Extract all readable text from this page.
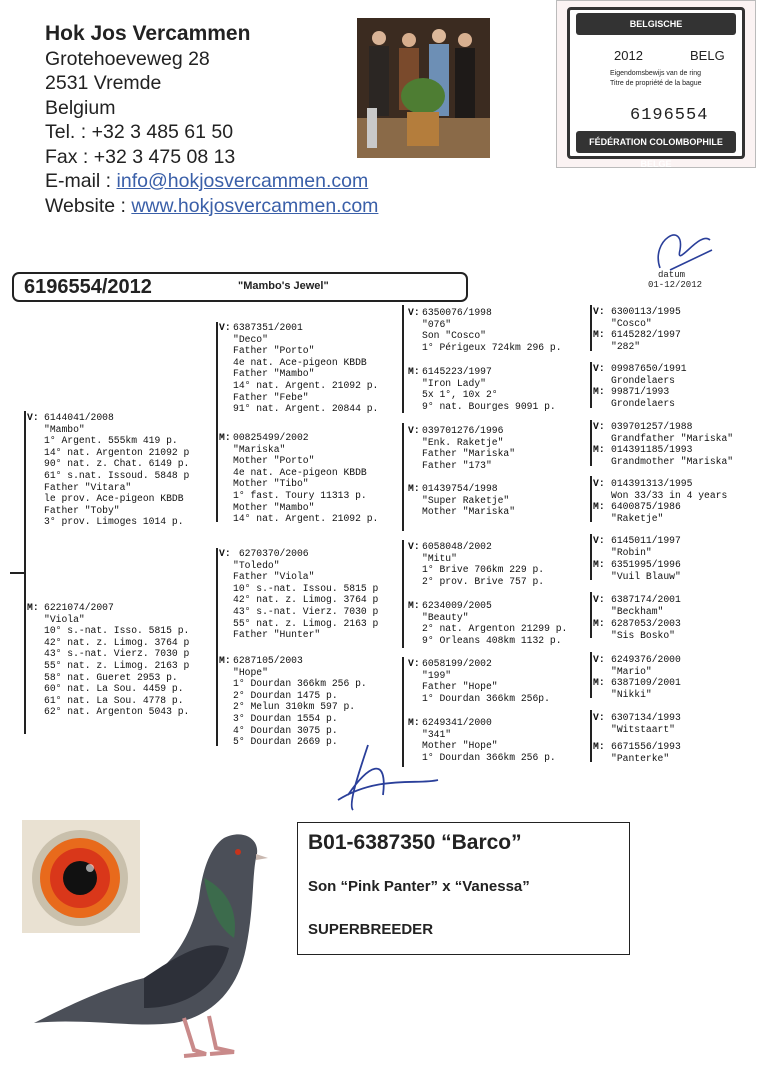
Hok Jos Vercammen
Grotehoeveweg 28
2531 Vremde
Belgium
Tel. : +32 3 485 61 50
Fax : +32 3 475 08 13
E-mail : info@hokjosvercammen.com
Website : www.hokjosvercammen.com
BELGISCHE DUIVENLIEFHEBBERSBOND
2012	BELG
Eigendomsbewijs van de ring
Titre de propriété de la bague
6196554
FÉDÉRATION COLOMBOPHILE BELGE
datum
01-12/2012
6196554/2012	"Mambo's Jewel"
V: 6144041/2008
"Mambo"
1° Argent. 555km 419 p.
14° nat. Argenton 21092 p
90° nat. z. Chat. 6149 p.
61° s.nat. Issoud. 5848 p
Father "Vitara"
le prov. Ace-pigeon KBDB
Father "Toby"
3° prov. Limoges 1014 p.
M: 6221074/2007
"Viola"
10° s.-nat. Isso. 5815 p.
42° nat. z. Limog. 3764 p
43° s.-nat. Vierz. 7030 p
55° nat. z. Limog. 2163 p
58° nat. Gueret 2953 p.
60° nat. La Sou. 4459 p.
61° nat. La Sou. 4778 p.
62° nat. Argenton 5043 p.
V: 6387351/2001
"Deco"
Father "Porto"
4e nat. Ace-pigeon KBDB
Father "Mambo"
14° nat. Argent. 21092 p.
Father "Febe"
91° nat. Argent. 20844 p.
M: 00825499/2002
"Mariska"
Mother "Porto"
4e nat. Ace-pigeon KBDB
Mother "Tibo"
1° fast. Toury 11313 p.
Mother "Mambo"
14° nat. Argent. 21092 p.
V: 6270370/2006
"Toledo"
Father "Viola"
10° s.-nat. Issou. 5815 p
42° nat. z. Limog. 3764 p
43° s.-nat. Vierz. 7030 p
55° nat. z. Limog. 2163 p
Father "Hunter"
M: 6287105/2003
"Hope"
1° Dourdan 366km 256 p.
2° Dourdan 1475 p.
2° Melun 310km 597 p.
3° Dourdan 1554 p.
4° Dourdan 3075 p.
5° Dourdan 2669 p.
V: 6350076/1998
"076"
Son "Cosco"
1° Périgeux 724km 296 p.
M: 6145223/1997
"Iron Lady"
5x 1°, 10x 2°
9° nat. Bourges 9091 p.
V: 039701276/1996
"Enk. Raketje"
Father "Mariska"
Father "173"
M: 01439754/1998
"Super Raketje"
Mother "Mariska"
V: 6058048/2002
"Mitu"
1° Brive 706km 229 p.
2° prov. Brive 757 p.
M: 6234009/2005
"Beauty"
2° nat. Argenton 21299 p.
9° Orleans 408km 1132 p.
V: 6058199/2002
"199"
Father "Hope"
1° Dourdan 366km 256p.
M: 6249341/2000
"341"
Mother "Hope"
1° Dourdan 366km 256 p.
V: 6300113/1995
"Cosco"
M: 6145282/1997
"282"
V: 09987650/1991
Grondelaers
M: 99871/1993
Grondelaers
V: 039701257/1988
Grandfather "Mariska"
M: 014391185/1993
Grandmother "Mariska"
V: 014391313/1995
Won 33/33 in 4 years
M: 6400875/1986
"Raketje"
V: 6145011/1997
"Robin"
M: 6351995/1996
"Vuil Blauw"
V: 6387174/2001
"Beckham"
M: 6287053/2003
"Sis Bosko"
V: 6249376/2000
"Mario"
M: 6387109/2001
"Nikki"
V: 6307134/1993
"Witstaart"
M: 6671556/1993
"Panterke"
B01-6387350 “Barco”
Son “Pink Panter” x “Vanessa”
SUPERBREEDER
